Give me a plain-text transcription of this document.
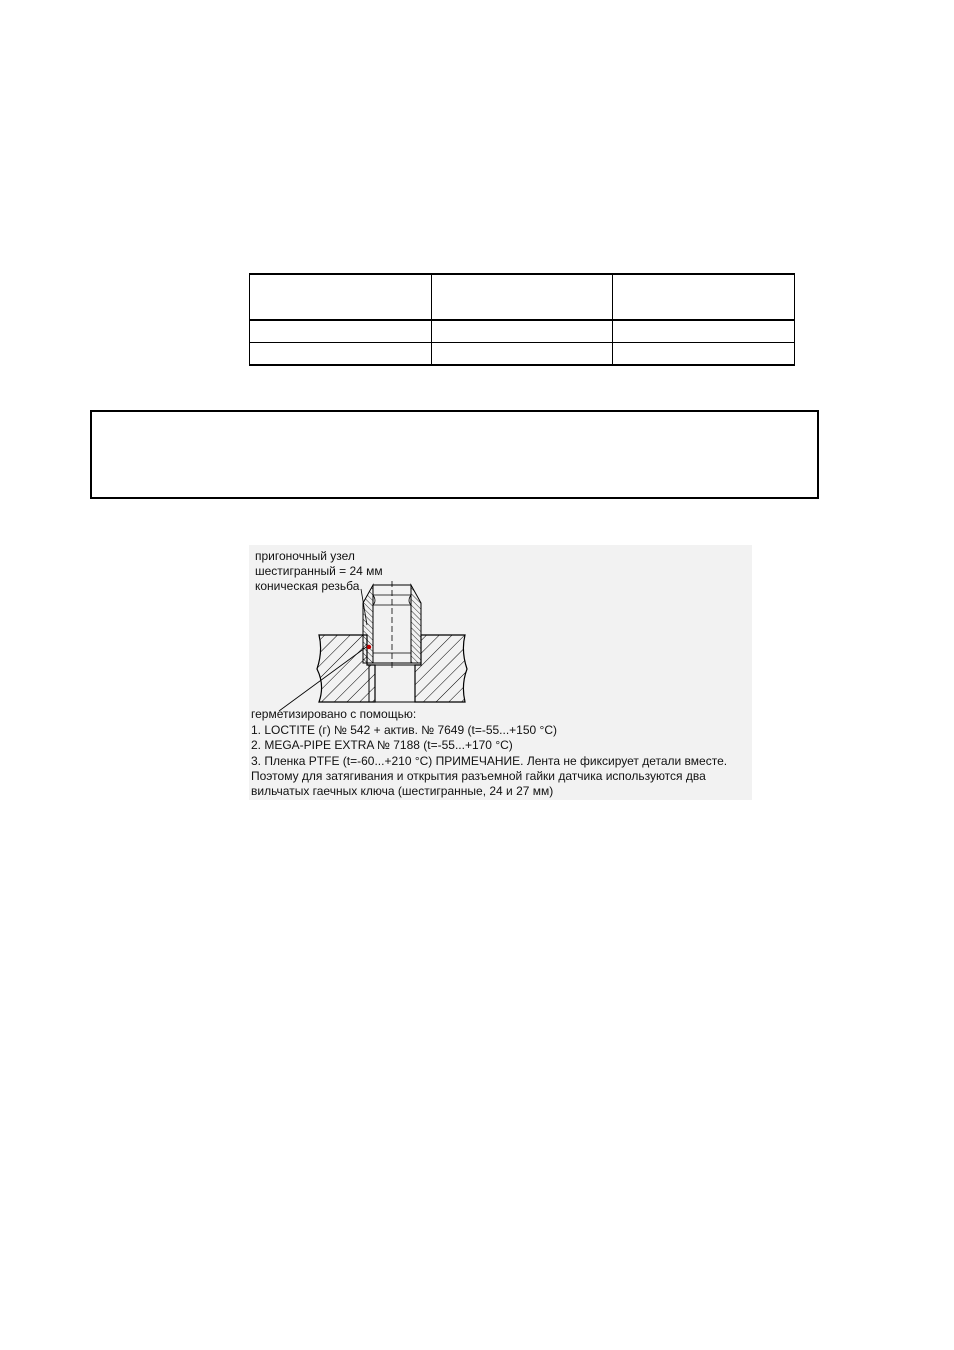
пригоночный узел
шестигранный = 24 мм
коническая резьба
герметизировано с помощью:
1. LOCTITE (г) № 542 + актив. № 7649 (t=-55...+150 °C)
2. MEGA-PIPE EXTRA № 7188 (t=-55...+170 °C)
3. Пленка PTFE (t=-60...+210 °C) ПРИМЕЧАНИЕ. Лента не фиксирует детали вместе.
Поэтому для затягивания и открытия разъемной гайки датчика используются два
вильчатых гаечных ключа (шестигранные, 24 и 27 мм)
